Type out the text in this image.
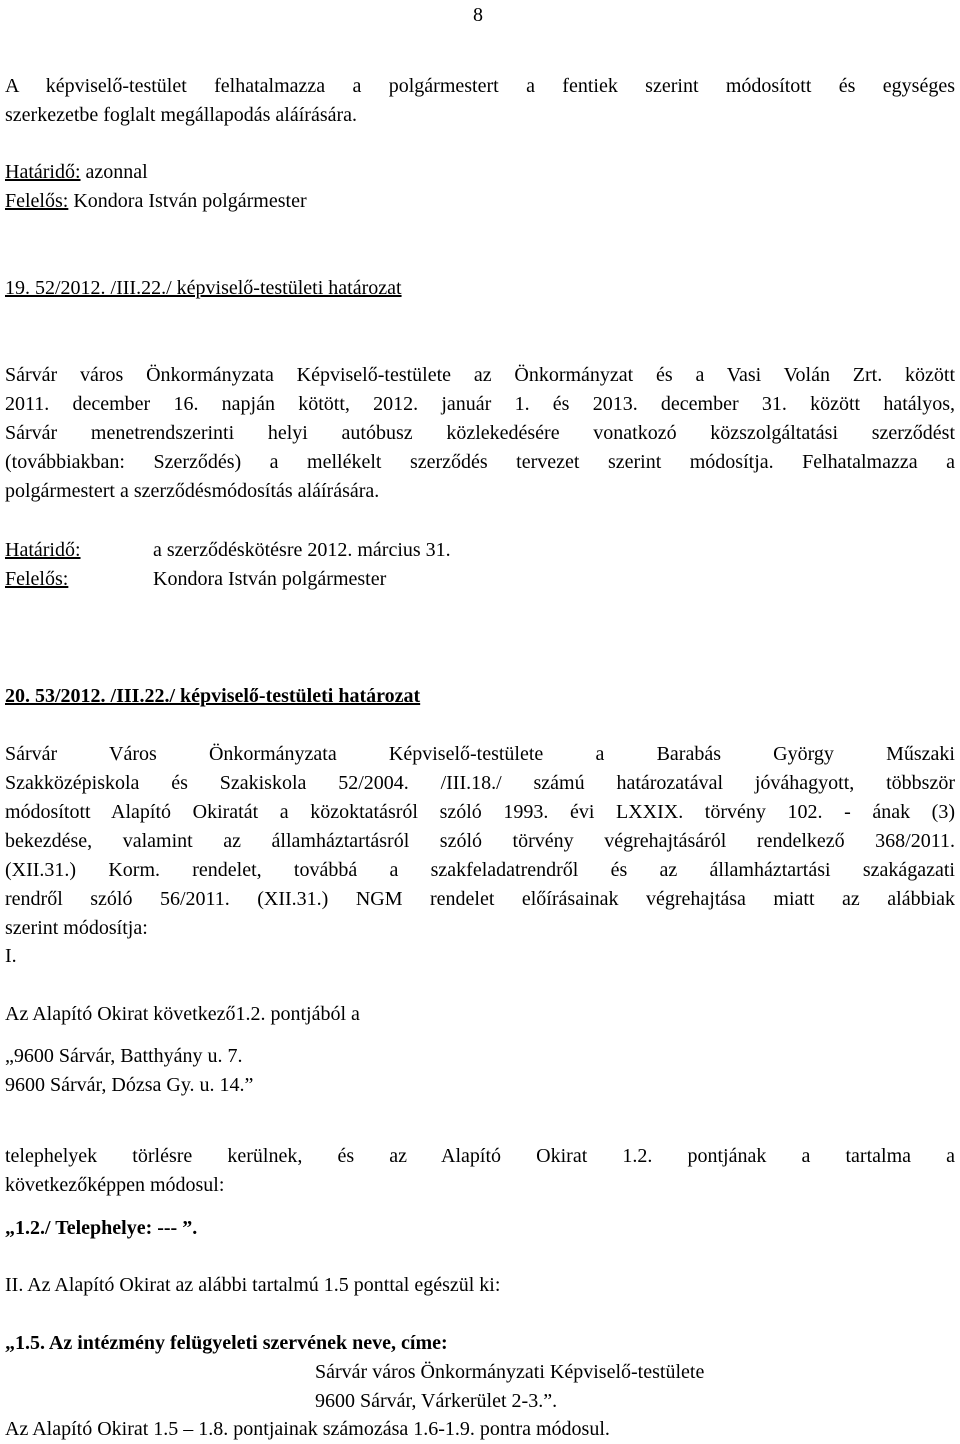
8
A képviselő-testület felhatalmazza a polgármestert a fentiek szerint módosított és egységes
szerkezetbe foglalt megállapodás aláírására.
Határidő: azonnal
Felelős: Kondora István polgármester
19. 52/2012. /III.22./ képviselő-testületi határozat
Sárvár város Önkormányzata Képviselő-testülete az Önkormányzat és a Vasi Volán Zrt. között
2011. december 16. napján kötött, 2012. január 1. és 2013. december 31. között hatályos,
Sárvár menetrendszerinti helyi autóbusz közlekedésére vonatkozó közszolgáltatási szerződést
(továbbiakban: Szerződés) a mellékelt szerződés tervezet szerint módosítja. Felhatalmazza a
polgármestert a szerződésmódosítás aláírására.
Határidő:	a szerződéskötésre 2012. március 31.
Felelős:	Kondora István polgármester
20. 53/2012. /III.22./ képviselő-testületi határozat
Sárvár Város Önkormányzata Képviselő-testülete a Barabás György Műszaki
Szakközépiskola és Szakiskola 52/2004. /III.18./ számú határozatával jóváhagyott, többször
módosított Alapító Okiratát a közoktatásról szóló 1993. évi LXXIX. törvény 102. - ának (3)
bekezdése, valamint az államháztartásról szóló törvény végrehajtásáról rendelkező 368/2011.
(XII.31.) Korm. rendelet, továbbá a szakfeladatrendről és az államháztartási szakágazati
rendről szóló 56/2011. (XII.31.) NGM rendelet előírásainak végrehajtása miatt az alábbiak
szerint módosítja:
I.
Az Alapító Okirat következő1.2. pontjából a
„9600 Sárvár, Batthyány u. 7.
9600 Sárvár, Dózsa Gy. u. 14.”
telephelyek törlésre kerülnek, és az Alapító Okirat 1.2. pontjának a tartalma a
következőképpen módosul:
„1.2./ Telephelye: --- ”.
II. Az Alapító Okirat az alábbi tartalmú 1.5 ponttal egészül ki:
„1.5. Az intézmény felügyeleti szervének neve, címe:
Sárvár város Önkormányzati Képviselő-testülete
9600 Sárvár, Várkerület 2-3.”.
Az Alapító Okirat 1.5 – 1.8. pontjainak számozása 1.6-1.9. pontra módosul.
